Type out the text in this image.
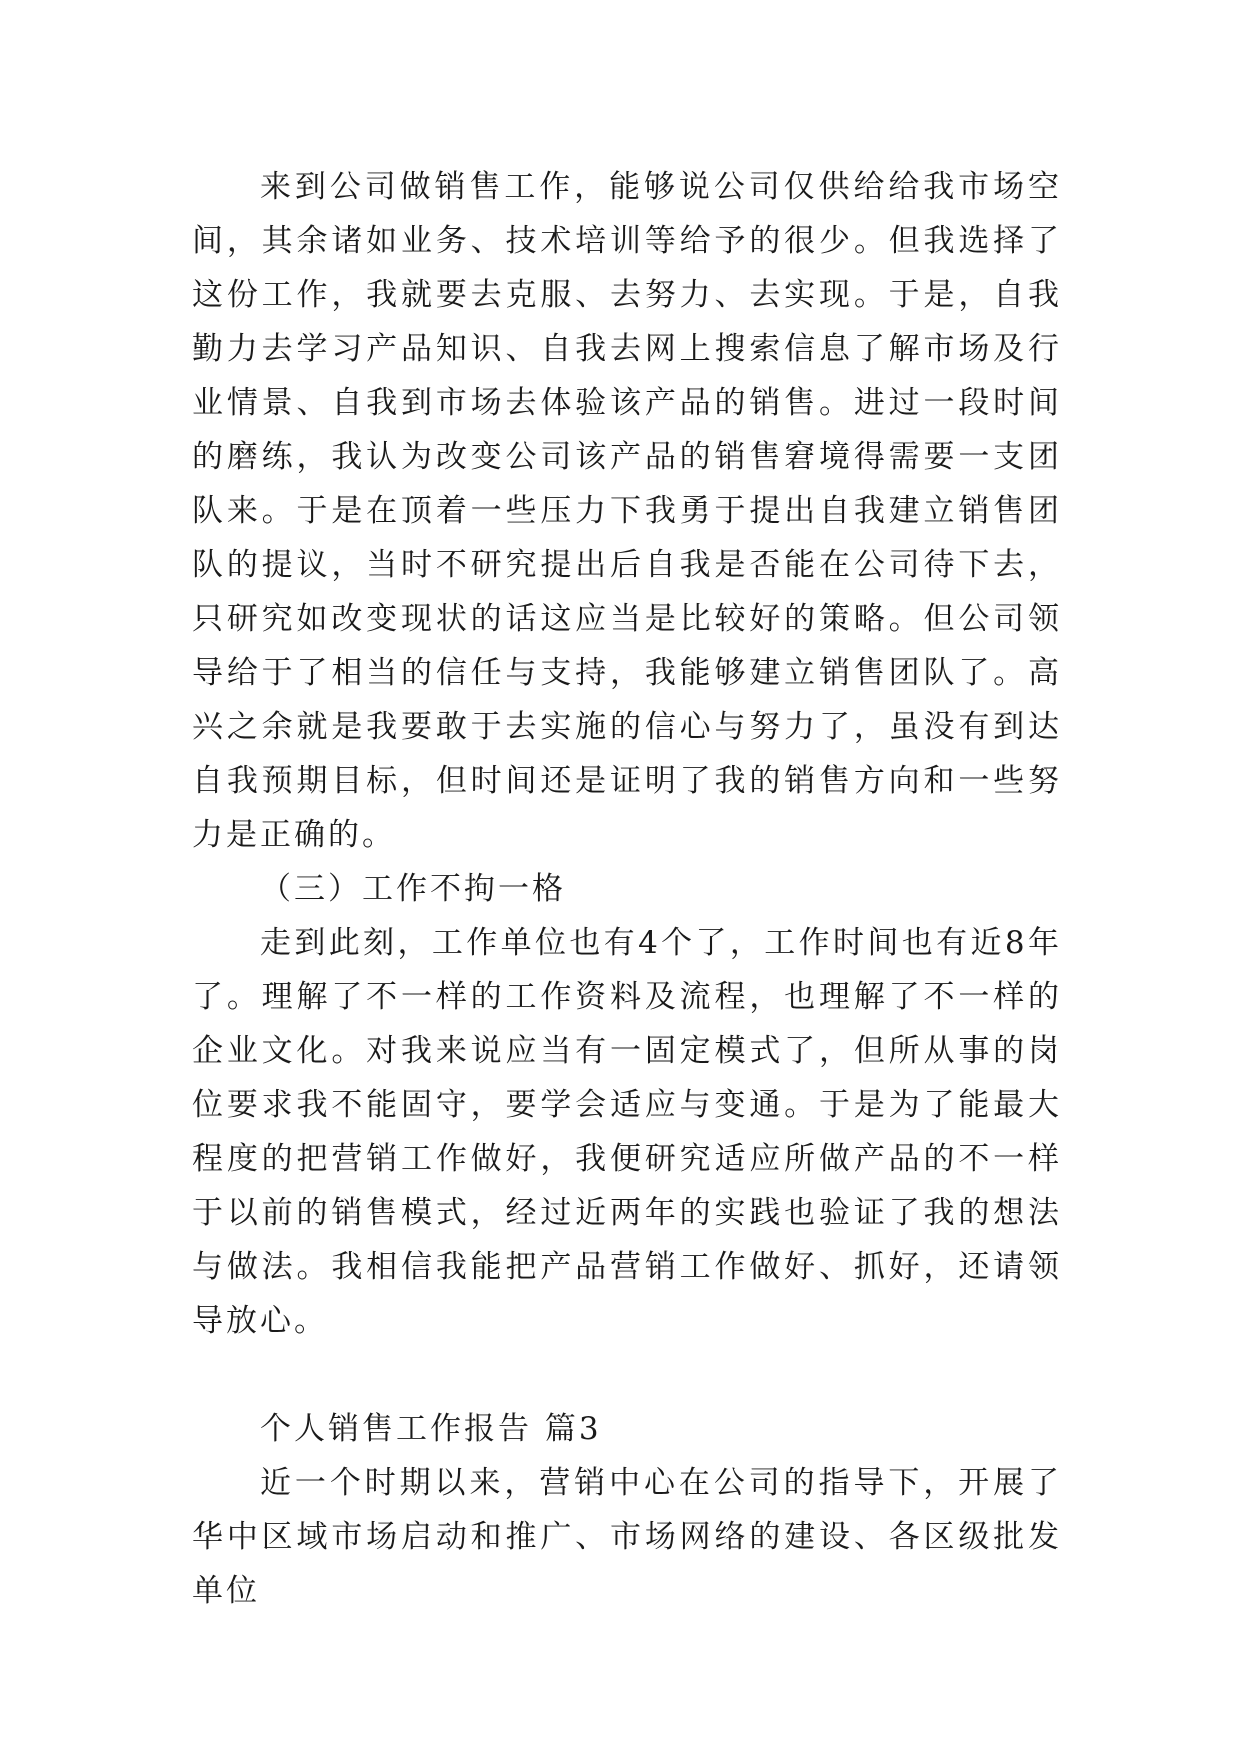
来到公司做销售工作，能够说公司仅供给给我市场空间，其余诸如业务、技术培训等给予的很少。但我选择了这份工作，我就要去克服、去努力、去实现。于是，自我勤力去学习产品知识、自我去网上搜索信息了解市场及行业情景、自我到市场去体验该产品的销售。进过一段时间的磨练，我认为改变公司该产品的销售窘境得需要一支团队来。于是在顶着一些压力下我勇于提出自我建立销售团队的提议，当时不研究提出后自我是否能在公司待下去，只研究如改变现状的话这应当是比较好的策略。但公司领导给于了相当的信任与支持，我能够建立销售团队了。高兴之余就是我要敢于去实施的信心与努力了，虽没有到达自我预期目标，但时间还是证明了我的销售方向和一些努力是正确的。

（三）工作不拘一格

走到此刻，工作单位也有4个了，工作时间也有近8年了。理解了不一样的工作资料及流程，也理解了不一样的企业文化。对我来说应当有一固定模式了，但所从事的岗位要求我不能固守，要学会适应与变通。于是为了能最大程度的把营销工作做好，我便研究适应所做产品的不一样于以前的销售模式，经过近两年的实践也验证了我的想法与做法。我相信我能把产品营销工作做好、抓好，还请领导放心。

个人销售工作报告 篇3

近一个时期以来，营销中心在公司的指导下，开展了华中区域市场启动和推广、市场网络的建设、各区级批发单位
